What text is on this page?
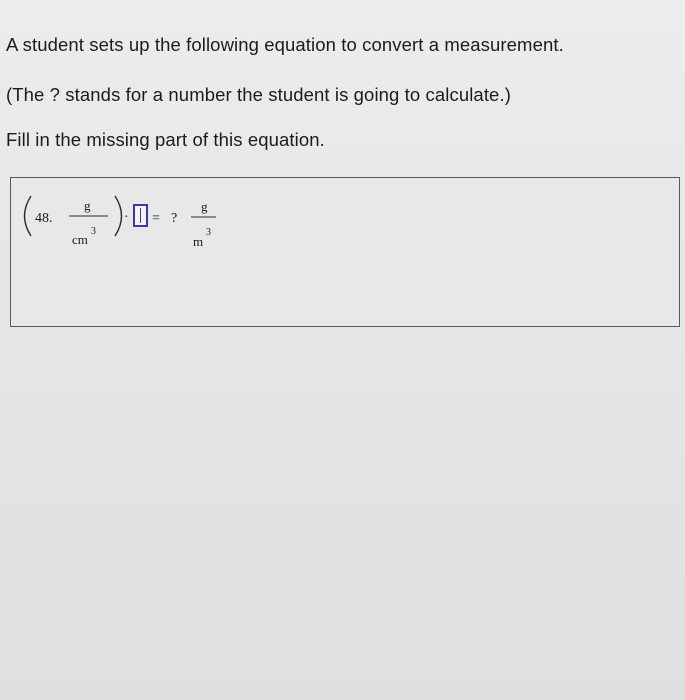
A student sets up the following equation to convert a measurement.
(The ? stands for a number the student is going to calculate.)
Fill in the missing part of this equation.
48.
g
3
cm
· = ?
g
3
m
